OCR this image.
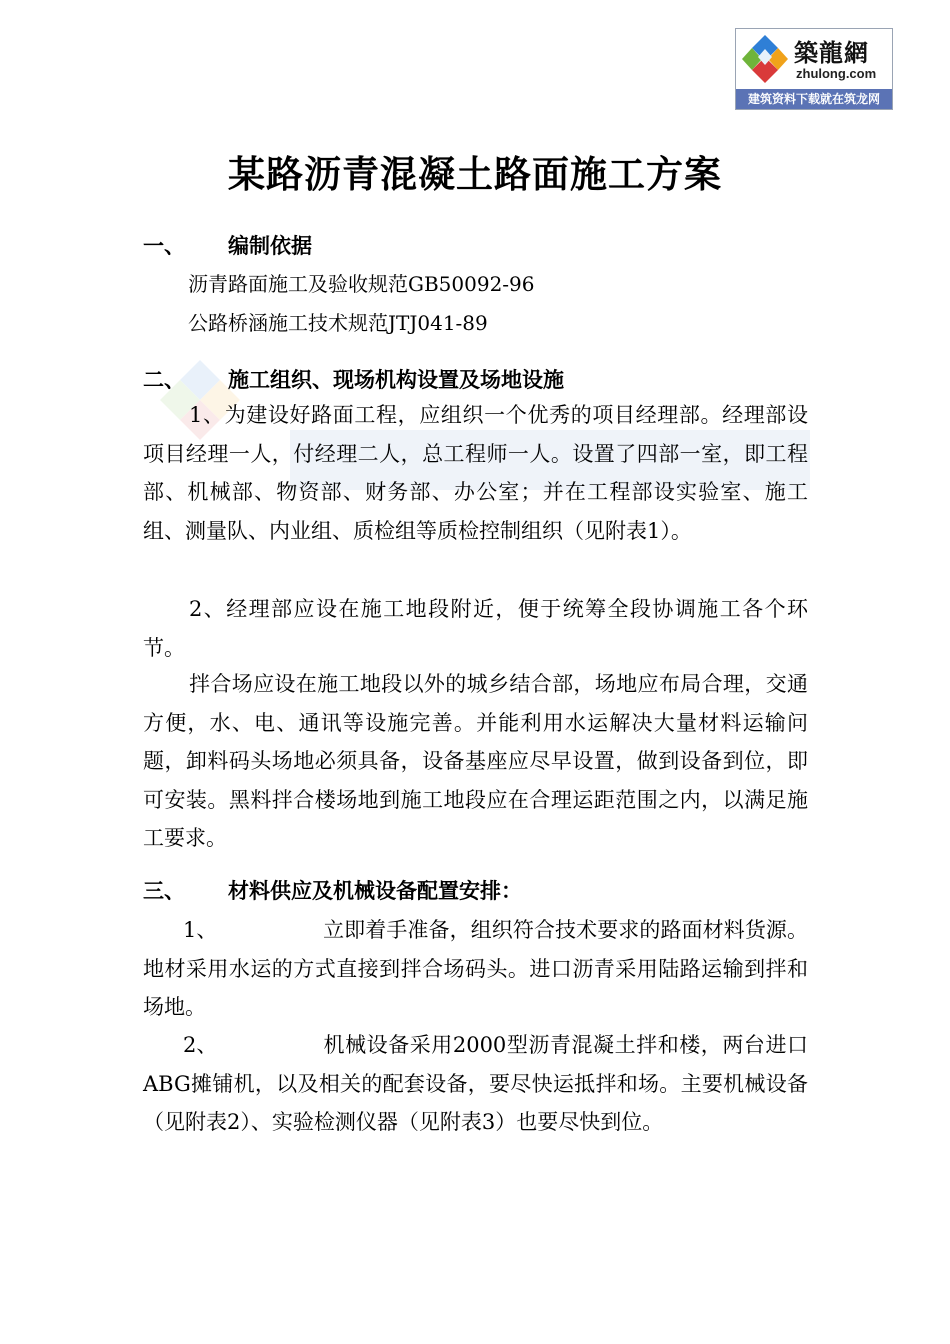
築龍網
zhulong.com
建筑资料下载就在筑龙网
某路沥青混凝土路面施工方案
一、 编制依据
沥青路面施工及验收规范GB50092-96
公路桥涵施工技术规范JTJ041-89
二、 施工组织、现场机构设置及场地设施

1、为建设好路面工程，应组织一个优秀的项目经理部。经理部设项目经理一人，付经理二人，总工程师一人。设置了四部一室，即工程部、机械部、物资部、财务部、办公室；并在工程部设实验室、施工组、测量队、内业组、质检组等质检控制组织（见附表1）。

2、经理部应设在施工地段附近，便于统筹全段协调施工各个环节。

拌合场应设在施工地段以外的城乡结合部，场地应布局合理，交通方便，水、电、通讯等设施完善。并能利用水运解决大量材料运输问题，卸料码头场地必须具备，设备基座应尽早设置，做到设备到位，即可安装。黑料拌合楼场地到施工地段应在合理运距范围之内，以满足施工要求。

三、 材料供应及机械设备配置安排：

1、	立即着手准备，组织符合技术要求的路面材料货源。地材采用水运的方式直接到拌合场码头。进口沥青采用陆路运输到拌和场地。

2、	机械设备采用2000型沥青混凝土拌和楼，两台进口ABG摊铺机，以及相关的配套设备，要尽快运抵拌和场。主要机械设备（见附表2）、实验检测仪器（见附表3）也要尽快到位。
